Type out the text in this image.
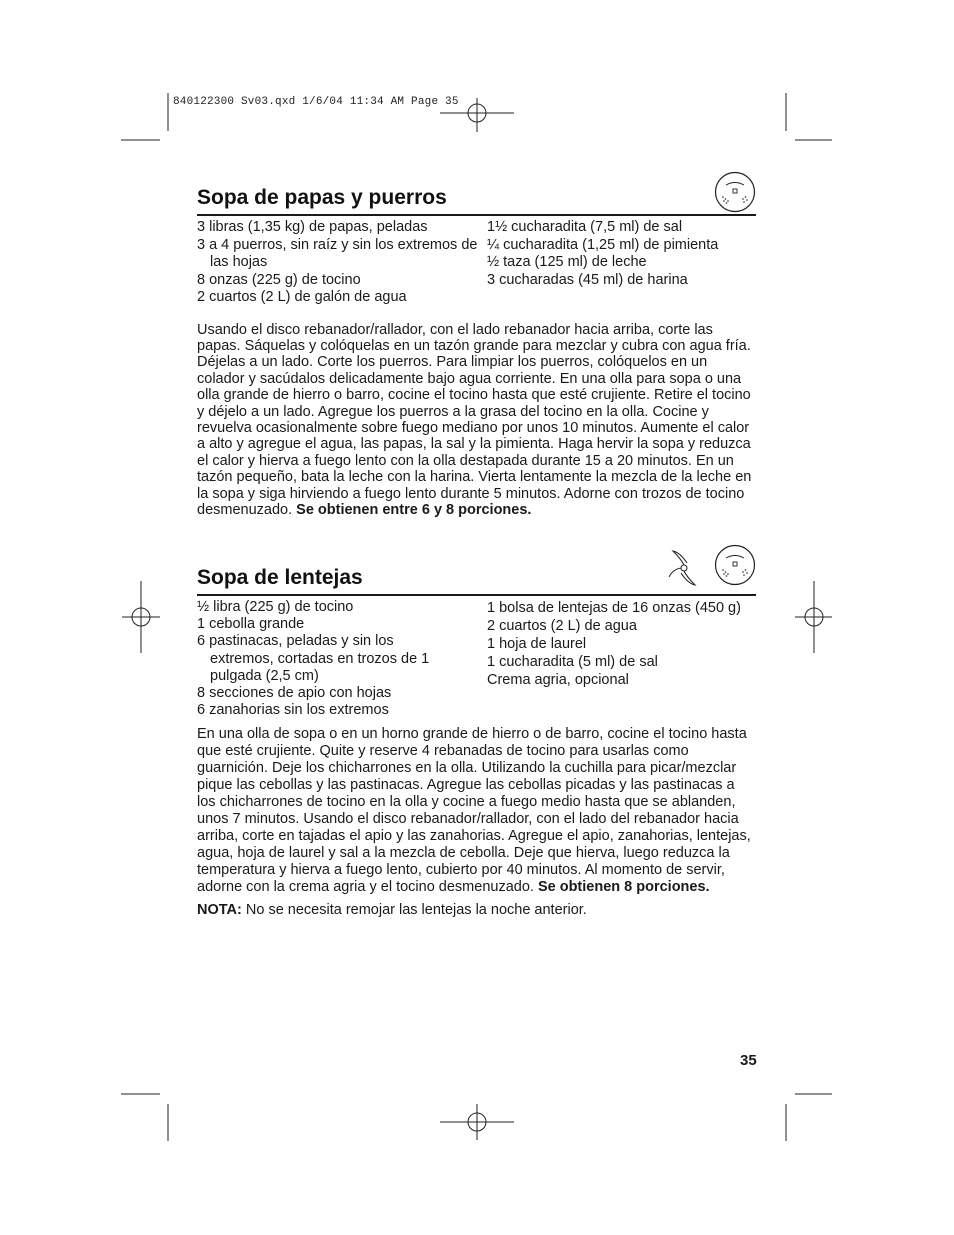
840122300 Sv03.qxd 1/6/04 11:34 AM Page 35
Sopa de papas y puerros

3 libras (1,35 kg) de papas, peladas

3 a 4 puerros, sin raíz y sin los extremos de las hojas

8 onzas (225 g) de tocino

2 cuartos (2 L) de galón de agua

1½ cucharadita (7,5 ml) de sal

¼ cucharadita (1,25 ml) de pimienta

½ taza (125 ml) de leche

3 cucharadas (45 ml) de harina

Usando el disco rebanador/rallador, con el lado rebanador hacia arriba, corte las papas. Sáquelas y colóquelas en un tazón grande para mezclar y cubra con agua fría. Déjelas a un lado. Corte los puerros. Para limpiar los puerros, colóquelos en un colador y sacúdalos delicadamente bajo agua corriente. En una olla para sopa o una olla grande de hierro o barro, cocine el tocino hasta que esté crujiente. Retire el tocino y déjelo a un lado. Agregue los puerros a la grasa del tocino en la olla. Cocine y revuelva ocasionalmente sobre fuego mediano por unos 10 minutos. Aumente el calor a alto y agregue el agua, las papas, la sal y la pimienta. Haga hervir la sopa y reduzca el calor y hierva a fuego lento con la olla destapada durante 15 a 20 minutos. En un tazón pequeño, bata la leche con la harina. Vierta lentamente la mezcla de la leche en la sopa y siga hirviendo a fuego lento durante 5 minutos. Adorne con trozos de tocino desmenuzado. Se obtienen entre 6 y 8 porciones.

Sopa de lentejas

½ libra (225 g) de tocino

1 cebolla grande

6 pastinacas, peladas y sin los extremos, cortadas en trozos de 1 pulgada (2,5 cm)

8 secciones de apio con hojas

6 zanahorias sin los extremos

1 bolsa de lentejas de 16 onzas (450 g)

2 cuartos (2 L) de agua

1 hoja de laurel

1 cucharadita (5 ml) de sal

Crema agria, opcional

En una olla de sopa o en un horno grande de hierro o de barro, cocine el tocino hasta que esté crujiente. Quite y reserve 4 rebanadas de tocino para usarlas como guarnición. Deje los chicharrones en la olla. Utilizando la cuchilla para picar/mezclar pique las cebollas y las pastinacas. Agregue las cebollas picadas y las pastinacas a los chicharrones de tocino en la olla y cocine a fuego medio hasta que se ablanden, unos 7 minutos. Usando el disco rebanador/rallador, con el lado del rebanador hacia arriba, corte en tajadas el apio y las zanahorias. Agregue el apio, zanahorias, lentejas, agua, hoja de laurel y sal a la mezcla de cebolla. Deje que hierva, luego reduzca la temperatura y hierva a fuego lento, cubierto por 40 minutos. Al momento de servir, adorne con la crema agria y el tocino desmenuzado. Se obtienen 8 porciones.

NOTA: No se necesita remojar las lentejas la noche anterior.

35
